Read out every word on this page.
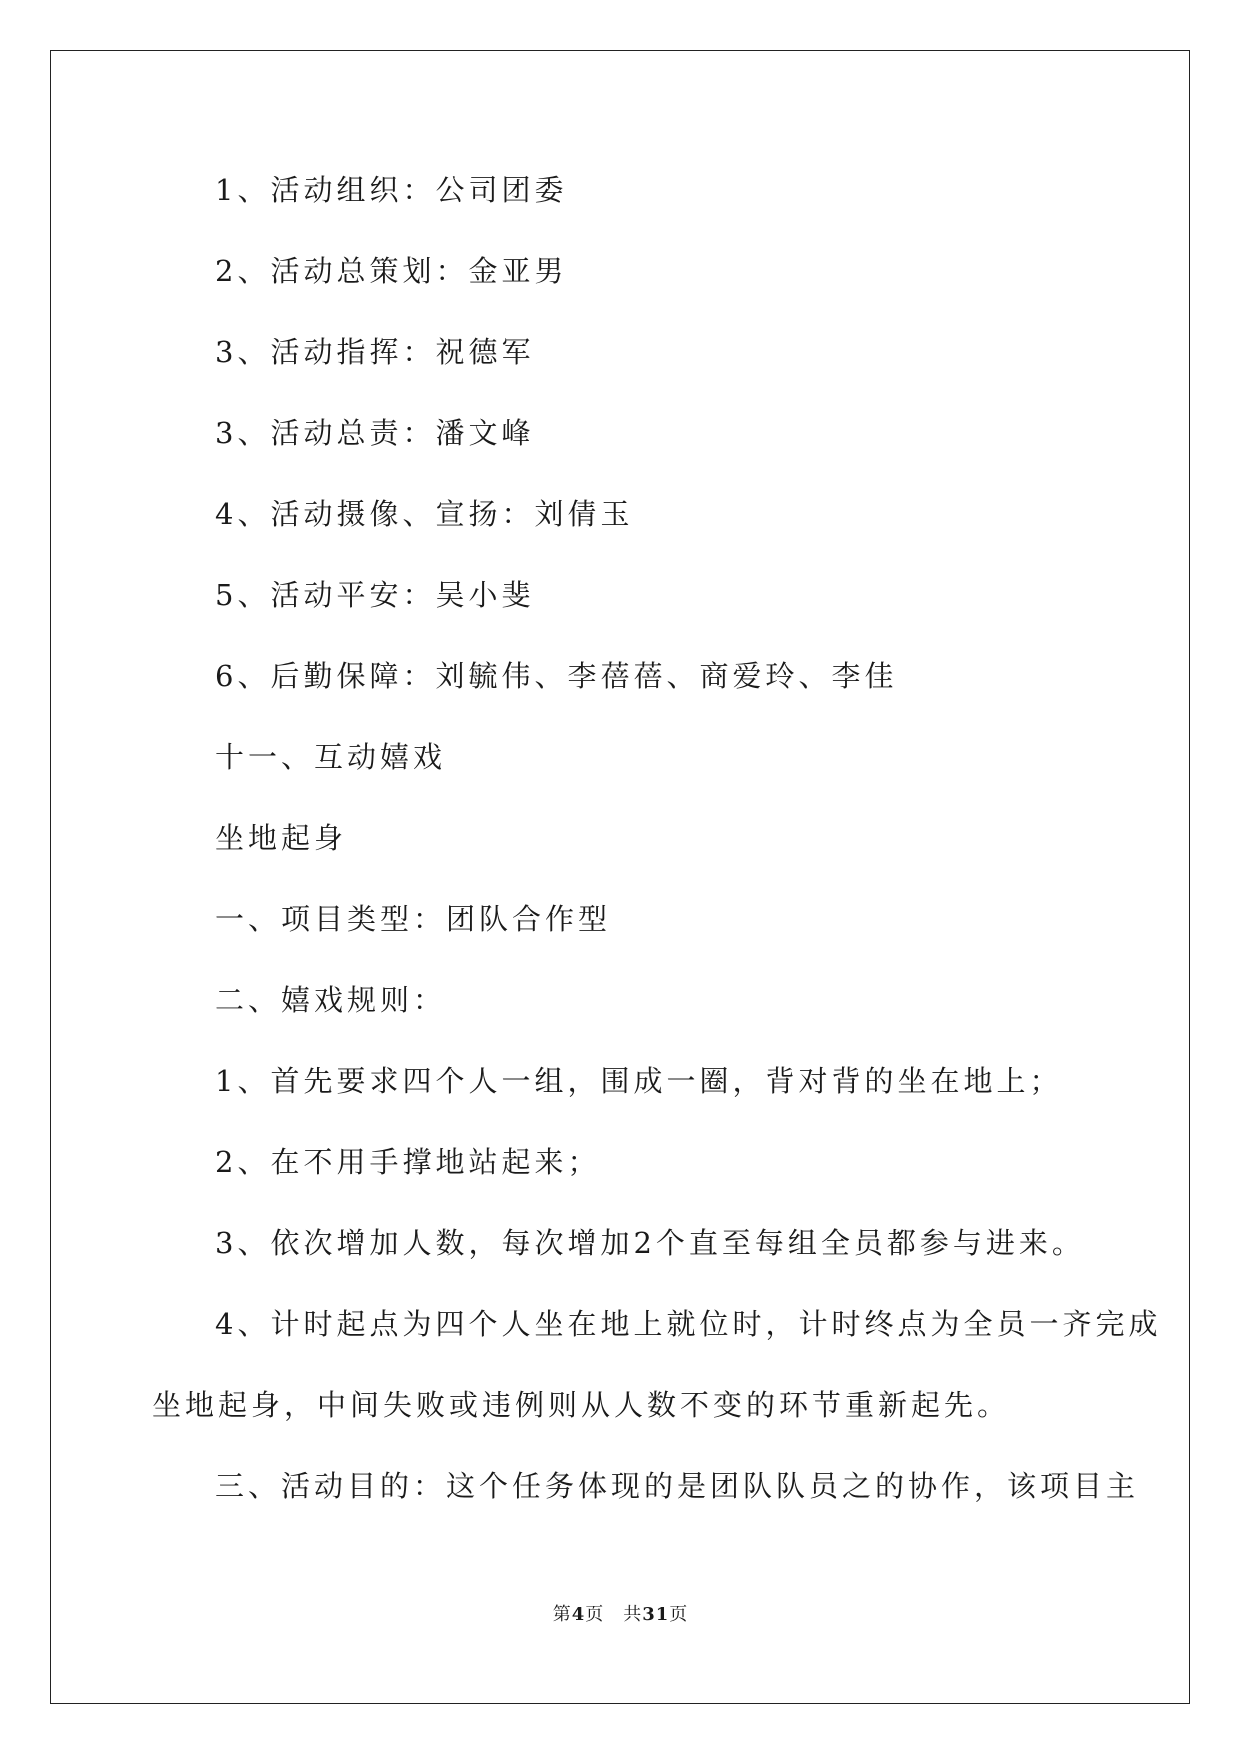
1、活动组织：公司团委
2、活动总策划：金亚男
3、活动指挥：祝德军
3、活动总责：潘文峰
4、活动摄像、宣扬：刘倩玉
5、活动平安：吴小斐
6、后勤保障：刘毓伟、李蓓蓓、商爱玲、李佳
十一、互动嬉戏
坐地起身
一、项目类型：团队合作型
二、嬉戏规则：
1、首先要求四个人一组，围成一圈，背对背的坐在地上；
2、在不用手撑地站起来；
3、依次增加人数，每次增加2个直至每组全员都参与进来。
4、计时起点为四个人坐在地上就位时，计时终点为全员一齐完成
坐地起身，中间失败或违例则从人数不变的环节重新起先。
三、活动目的：这个任务体现的是团队队员之的协作，该项目主
第4页　共31页
